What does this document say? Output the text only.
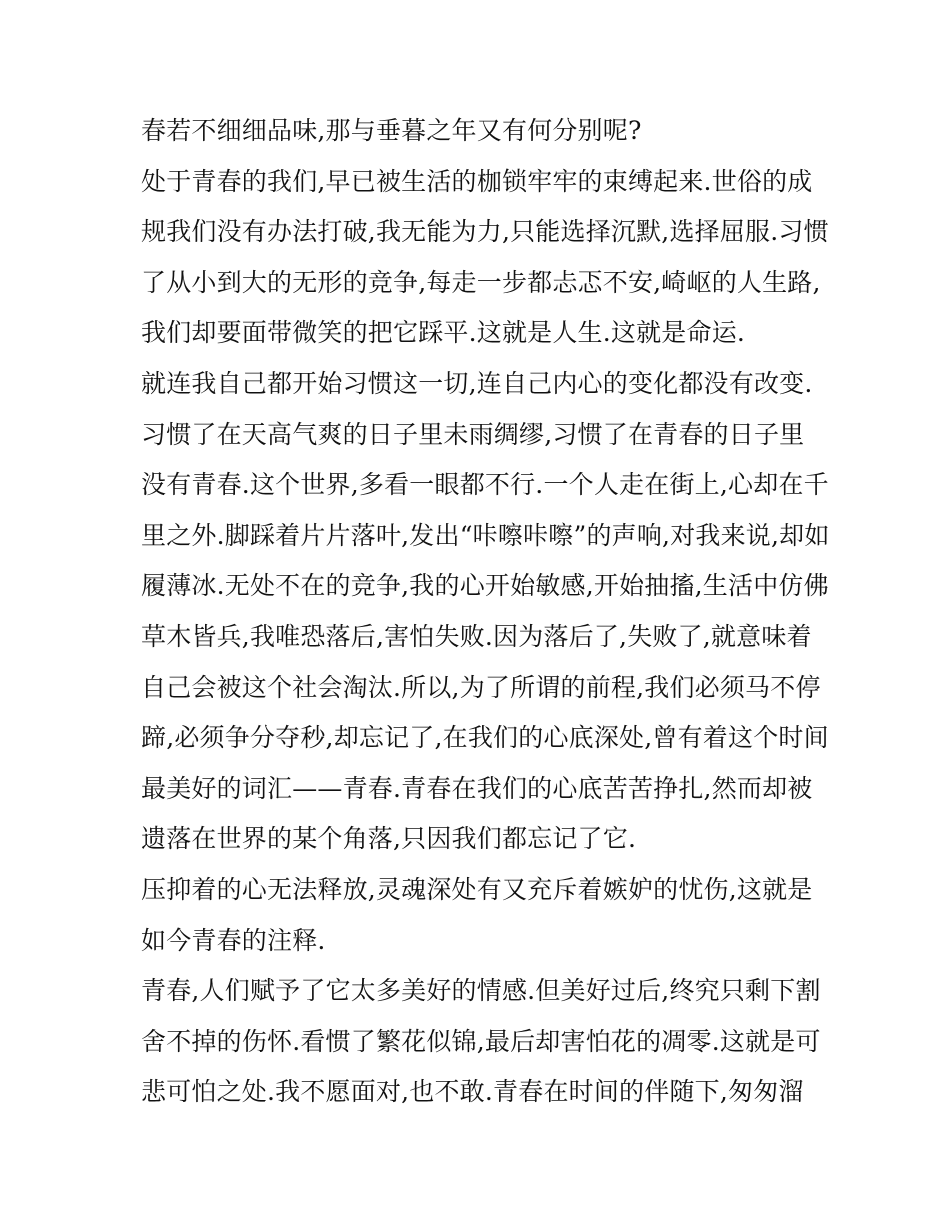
春若不细细品味,那与垂暮之年又有何分别呢?
处于青春的我们,早已被生活的枷锁牢牢的束缚起来.世俗的成
规我们没有办法打破,我无能为力,只能选择沉默,选择屈服.习惯
了从小到大的无形的竞争,每走一步都忐忑不安,崎岖的人生路,
我们却要面带微笑的把它踩平.这就是人生.这就是命运.
就连我自己都开始习惯这一切,连自己内心的变化都没有改变.
习惯了在天高气爽的日子里未雨绸缪,习惯了在青春的日子里
没有青春.这个世界,多看一眼都不行.一个人走在街上,心却在千
里之外.脚踩着片片落叶,发出“咔嚓咔嚓”的声响,对我来说,却如
履薄冰.无处不在的竞争,我的心开始敏感,开始抽搐,生活中仿佛
草木皆兵,我唯恐落后,害怕失败.因为落后了,失败了,就意味着
自己会被这个社会淘汰.所以,为了所谓的前程,我们必须马不停
蹄,必须争分夺秒,却忘记了,在我们的心底深处,曾有着这个时间
最美好的词汇——青春.青春在我们的心底苦苦挣扎,然而却被
遗落在世界的某个角落,只因我们都忘记了它.
压抑着的心无法释放,灵魂深处有又充斥着嫉妒的忧伤,这就是
如今青春的注释.
青春,人们赋予了它太多美好的情感.但美好过后,终究只剩下割
舍不掉的伤怀.看惯了繁花似锦,最后却害怕花的凋零.这就是可
悲可怕之处.我不愿面对,也不敢.青春在时间的伴随下,匆匆溜
